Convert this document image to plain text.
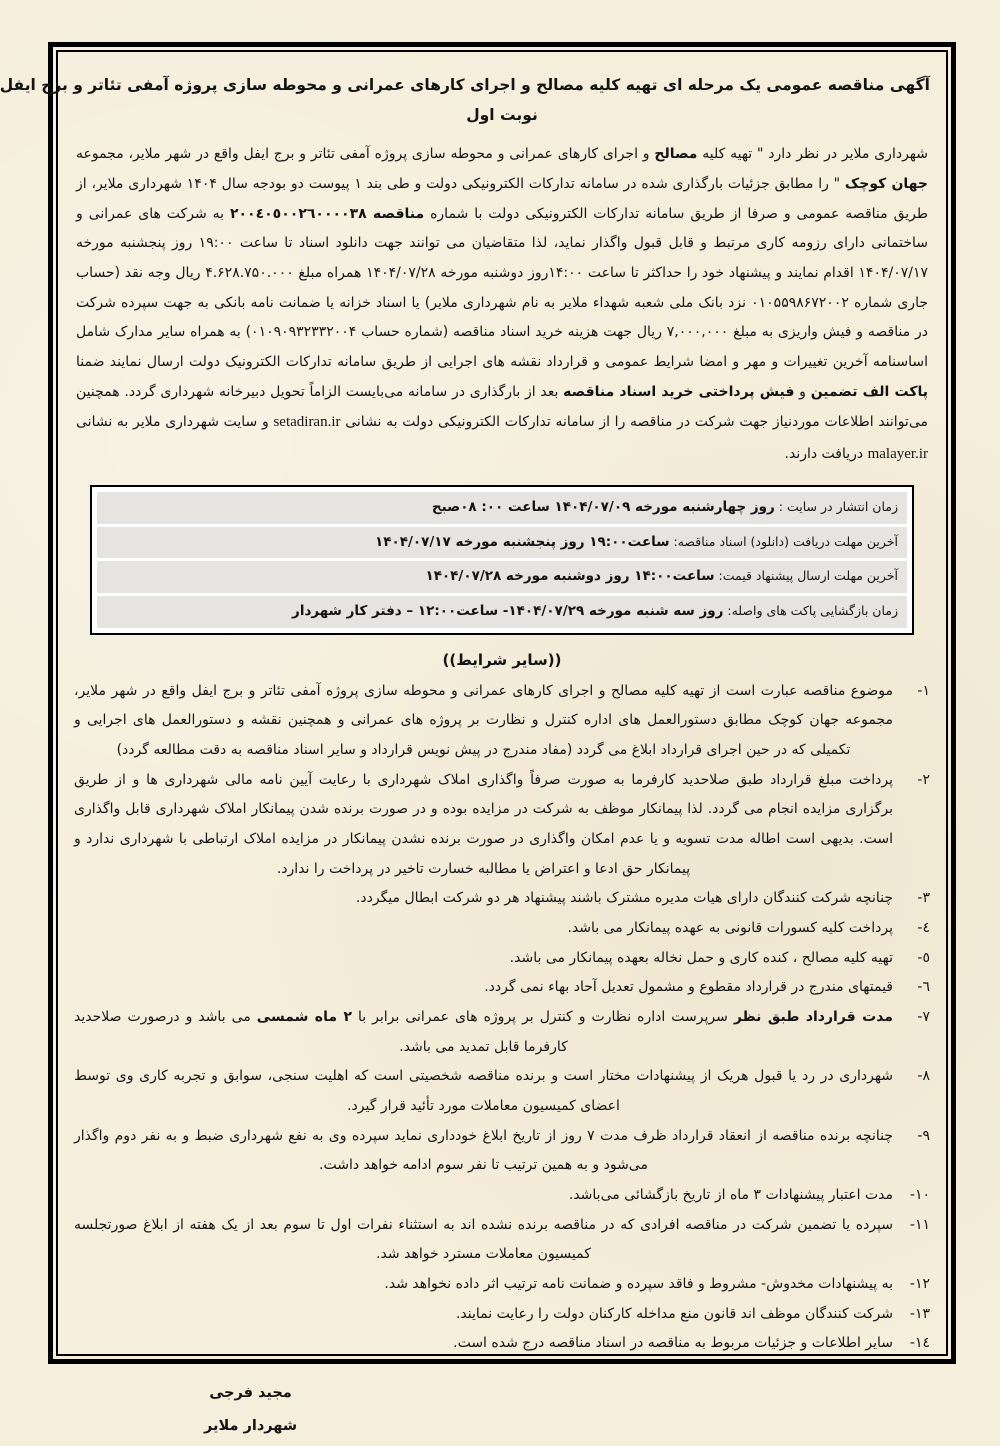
آگهی مناقصه عمومی یک مرحله ای تهیه کلیه مصالح و اجرای کارهای عمرانی و محوطه سازی پروژه آمفی تئاتر و برج ایفل
نوبت اول

شهرداری ملایر در نظر دارد " تهیه کلیه مصالح و اجرای کارهای عمرانی و محوطه سازی پروژه آمفی تئاتر و برج ایفل واقع در شهر ملایر، مجموعه جهان کوچک " را مطابق جزئیات بارگذاری شده در سامانه تدارکات الکترونیکی دولت و طی بند ۱ پیوست دو بودجه سال ۱۴۰۴ شهرداری ملایر، از طریق مناقصه عمومی و صرفا از طریق سامانه تدارکات الکترونیکی دولت با شماره مناقصه ٢٠٠٤٠٥٠٠٢٦٠٠٠٠٣٨ به شرکت های عمرانی و ساختمانی دارای رزومه کاری مرتبط و قابل قبول واگذار نماید، لذا متقاضیان می توانند جهت دانلود اسناد تا ساعت ۱۹:۰۰ روز پنجشنبه مورخه ۱۴۰۴/۰۷/۱۷ اقدام نمایند و پیشنهاد خود را حداکثر تا ساعت ۱۴:۰۰روز دوشنبه مورخه ۱۴۰۴/۰۷/۲۸ همراه مبلغ ۴.۶۲۸.۷۵۰.۰۰۰ ریال وجه نقد (حساب جاری شماره ۰۱۰۵۵۹۸۶۷۲۰۰۲ نزد بانک ملی شعبه شهداء ملایر به نام شهرداری ملایر) یا اسناد خزانه یا ضمانت نامه بانکی به جهت سپرده شرکت در مناقصه و فیش واریزی به مبلغ ۷,۰۰۰,۰۰۰ ریال جهت هزینه خرید اسناد مناقصه (شماره حساب ۰۱۰۹۰۹۳۲۳۳۲۰۰۴) به همراه سایر مدارک شامل اساسنامه آخرین تغییرات و مهر و امضا شرایط عمومی و قرارداد نقشه های اجرایی از طریق سامانه تدارکات الکترونیک دولت ارسال نمایند ضمنا پاکت الف تضمین و فیش پرداختی خرید اسناد مناقصه بعد از بارگذاری در سامانه می‌بایست الزاماً تحویل دبیرخانه شهرداری گردد. همچنین می‌توانند اطلاعات موردنیاز جهت شرکت در مناقصه را از سامانه تدارکات الکترونیکی دولت به نشانی setadiran.ir و سایت شهرداری ملایر به نشانی malayer.ir دریافت دارند.

زمان انتشار در سایت : روز چهارشنبه مورخه ۱۴۰۴/۰۷/۰۹ ساعت ۰۰: ۰۸صبح
آخرین مهلت دریافت (دانلود) اسناد مناقصه: ساعت۱۹:۰۰ روز پنجشنبه مورخه ۱۴۰۴/۰۷/۱۷
آخرین مهلت ارسال پیشنهاد قیمت: ساعت۱۴:۰۰ روز دوشنبه مورخه ۱۴۰۴/۰۷/۲۸
زمان بازگشایی پاکت های واصله: روز سه شنبه مورخه ۱۴۰۴/۰۷/۲۹- ساعت۱۲:۰۰ – دفتر کار شهردار
((سایر شرایط))
۱-
موضوع مناقصه عبارت است از تهیه کلیه مصالح و اجرای کارهای عمرانی و محوطه سازی پروژه آمفی تئاتر و برج ایفل واقع در شهر ملایر، مجموعه جهان کوچک مطابق دستورالعمل های اداره کنترل و نظارت بر پروژه های عمرانی و همچنین نقشه و دستورالعمل های اجرایی و تکمیلی که در حین اجرای قرارداد ابلاغ می گردد (مفاد مندرج در پیش نویس قرارداد و سایر اسناد مناقصه به دقت مطالعه گردد)
۲-
پرداخت مبلغ قرارداد طبق صلاحدید کارفرما به صورت صرفاً واگذاری املاک شهرداری با رعایت آیین نامه مالی شهرداری ها و از طریق برگزاری مزایده انجام می گردد. لذا پیمانکار موظف به شرکت در مزایده بوده و در صورت برنده شدن پیمانکار املاک شهرداری قابل واگذاری است. بدیهی است اطاله مدت تسویه و یا عدم امکان واگذاری در صورت برنده نشدن پیمانکار در مزایده املاک ارتباطی با شهرداری ندارد و پیمانکار حق ادعا و اعتراض یا مطالبه خسارت تاخیر در پرداخت را ندارد.
۳-
چنانچه شرکت کنندگان دارای هیات مدیره مشترک باشند پیشنهاد هر دو شرکت ابطال میگردد.
٤-
پرداخت کلیه کسورات قانونی به عهده پیمانکار می باشد.
٥-
تهیه کلیه مصالح ، کنده کاری و حمل نخاله بعهده پیمانکار می باشد.
٦-
قیمتهای مندرج در قرارداد مقطوع و مشمول تعدیل آحاد بهاء نمی گردد.
۷-
مدت قرارداد طبق نظر سرپرست اداره نظارت و کنترل بر پروژه های عمرانی برابر با ۲ ماه شمسی می باشد و درصورت صلاحدید کارفرما قابل تمدید می باشد.
۸-
شهرداری در رد یا قبول هریک از پیشنهادات مختار است و برنده مناقصه شخصیتی است که اهلیت سنجی، سوابق و تجربه کاری وی توسط اعضای کمیسیون معاملات مورد تأئید قرار گیرد.
۹-
چنانچه برنده مناقصه از انعقاد قرارداد ظرف مدت ۷ روز از تاریخ ابلاغ خودداری نماید سپرده وی به نفع شهرداری ضبط و به نفر دوم واگذار می‌شود و به همین ترتیب تا نفر سوم ادامه خواهد داشت.
۱۰-
مدت اعتبار پیشنهادات ۳ ماه از تاریخ بازگشائی می‌باشد.
۱۱-
سپرده یا تضمین شرکت در مناقصه افرادی که در مناقصه برنده نشده اند به استثناء نفرات اول تا سوم بعد از یک هفته از ابلاغ صورتجلسه کمیسیون معاملات مسترد خواهد شد.
۱۲-
به پیشنهادات مخدوش- مشروط و فاقد سپرده و ضمانت نامه ترتیب اثر داده نخواهد شد.
۱۳-
شرکت کنندگان موظف اند قانون منع مداخله کارکنان دولت را رعایت نمایند.
١٤-
سایر اطلاعات و جزئیات مربوط به مناقصه در اسناد مناقصه درج شده است.
مجید فرجی
شهردار ملایر
